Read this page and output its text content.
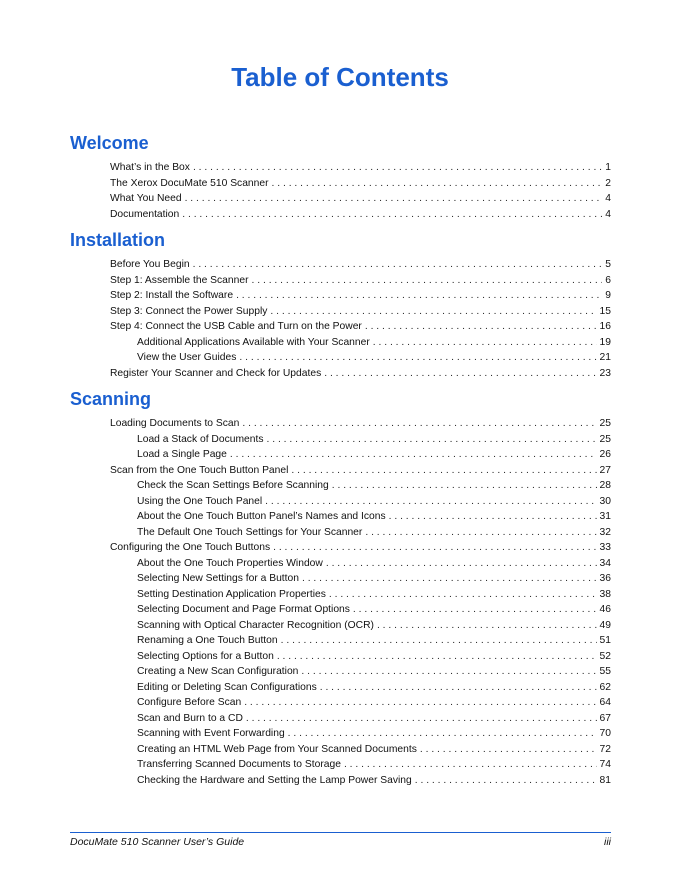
Table of Contents
Welcome
What’s in the Box . . .	1
The Xerox DocuMate 510 Scanner . . .	2
What You Need . . .	4
Documentation . . .	4
Installation
Before You Begin . . .	5
Step 1: Assemble the Scanner . . .	6
Step 2: Install the Software . . .	9
Step 3: Connect the Power Supply . . .	15
Step 4: Connect the USB Cable and Turn on the Power . . .	16
Additional Applications Available with Your Scanner . . .	19
View the User Guides . . .	21
Register Your Scanner and Check for Updates . . .	23
Scanning
Loading Documents to Scan . . .	25
Load a Stack of Documents . . .	25
Load a Single Page . . .	26
Scan from the One Touch Button Panel . . .	27
Check the Scan Settings Before Scanning . . .	28
Using the One Touch Panel . . .	30
About the One Touch Button Panel’s Names and Icons . . .	31
The Default One Touch Settings for Your Scanner . . .	32
Configuring the One Touch Buttons . . .	33
About the One Touch Properties Window . . .	34
Selecting New Settings for a Button . . .	36
Setting Destination Application Properties . . .	38
Selecting Document and Page Format Options . . .	46
Scanning with Optical Character Recognition (OCR) . . .	49
Renaming a One Touch Button . . .	51
Selecting Options for a Button . . .	52
Creating a New Scan Configuration . . .	55
Editing or Deleting Scan Configurations . . .	62
Configure Before Scan . . .	64
Scan and Burn to a CD . . .	67
Scanning with Event Forwarding . . .	70
Creating an HTML Web Page from Your Scanned Documents . . .	72
Transferring Scanned Documents to Storage . . .	74
Checking the Hardware and Setting the Lamp Power Saving . . .	81
DocuMate 510 Scanner User’s Guide	iii
